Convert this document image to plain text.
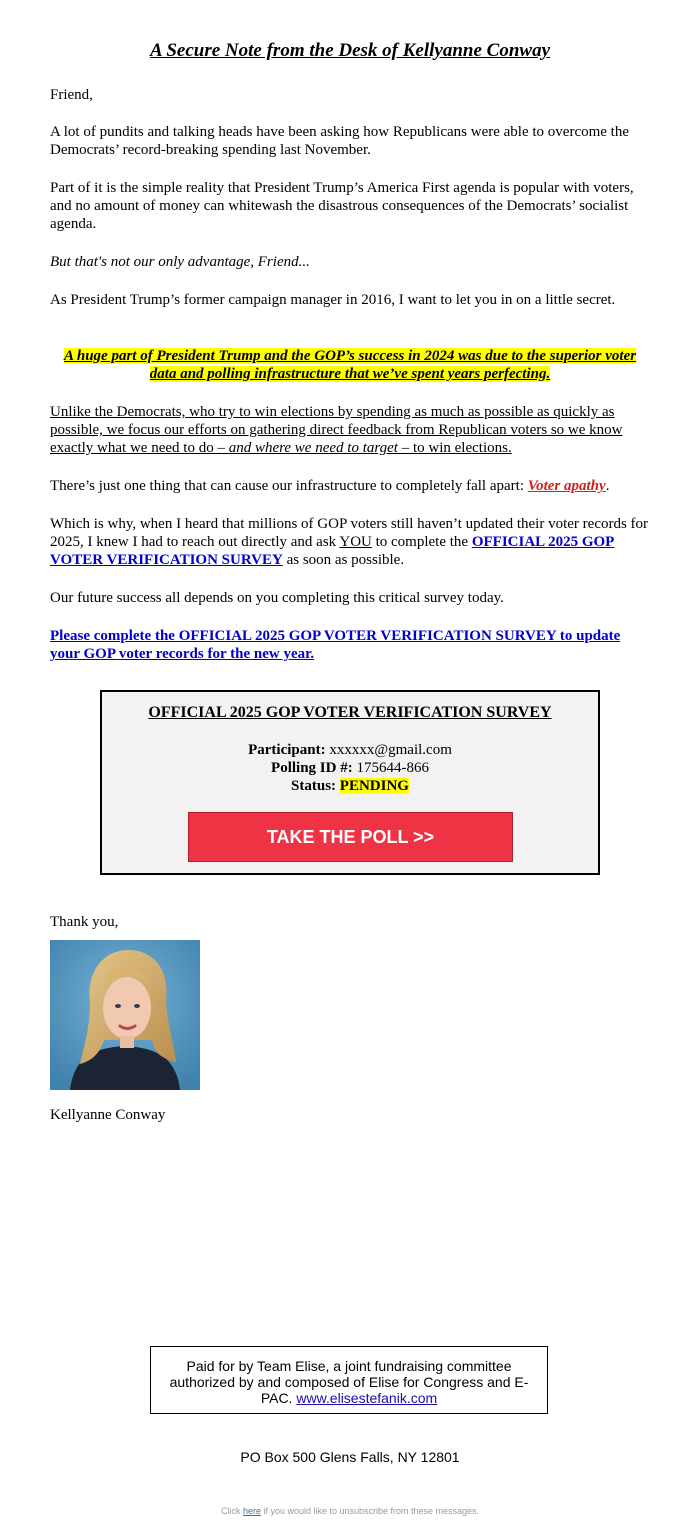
A Secure Note from the Desk of Kellyanne Conway

Friend,

A lot of pundits and talking heads have been asking how Republicans were able to overcome the Democrats’ record-breaking spending last November.

Part of it is the simple reality that President Trump’s America First agenda is popular with voters, and no amount of money can whitewash the disastrous consequences of the Democrats’ socialist agenda.

But that's not our only advantage, Friend...

As President Trump’s former campaign manager in 2016, I want to let you in on a little secret.

A huge part of President Trump and the GOP’s success in 2024 was due to the superior voter data and polling infrastructure that we’ve spent years perfecting.

Unlike the Democrats, who try to win elections by spending as much as possible as quickly as possible, we focus our efforts on gathering direct feedback from Republican voters so we know exactly what we need to do – and where we need to target – to win elections.

There’s just one thing that can cause our infrastructure to completely fall apart: Voter apathy.

Which is why, when I heard that millions of GOP voters still haven’t updated their voter records for 2025, I knew I had to reach out directly and ask YOU to complete the OFFICIAL 2025 GOP VOTER VERIFICATION SURVEY as soon as possible.

Our future success all depends on you completing this critical survey today.

Please complete the OFFICIAL 2025 GOP VOTER VERIFICATION SURVEY to update your GOP voter records for the new year.

OFFICIAL 2025 GOP VOTER VERIFICATION SURVEY
Participant: xxxxxx@gmail.com
Polling ID #: 175644-866
Status: PENDING
TAKE THE POLL >>

Thank you,

Kellyanne Conway

Paid for by Team Elise, a joint fundraising committee authorized by and composed of Elise for Congress and E-PAC. www.elisestefanik.com
PO Box 500 Glens Falls, NY 12801
Click here if you would like to unsubscribe from these messages.
